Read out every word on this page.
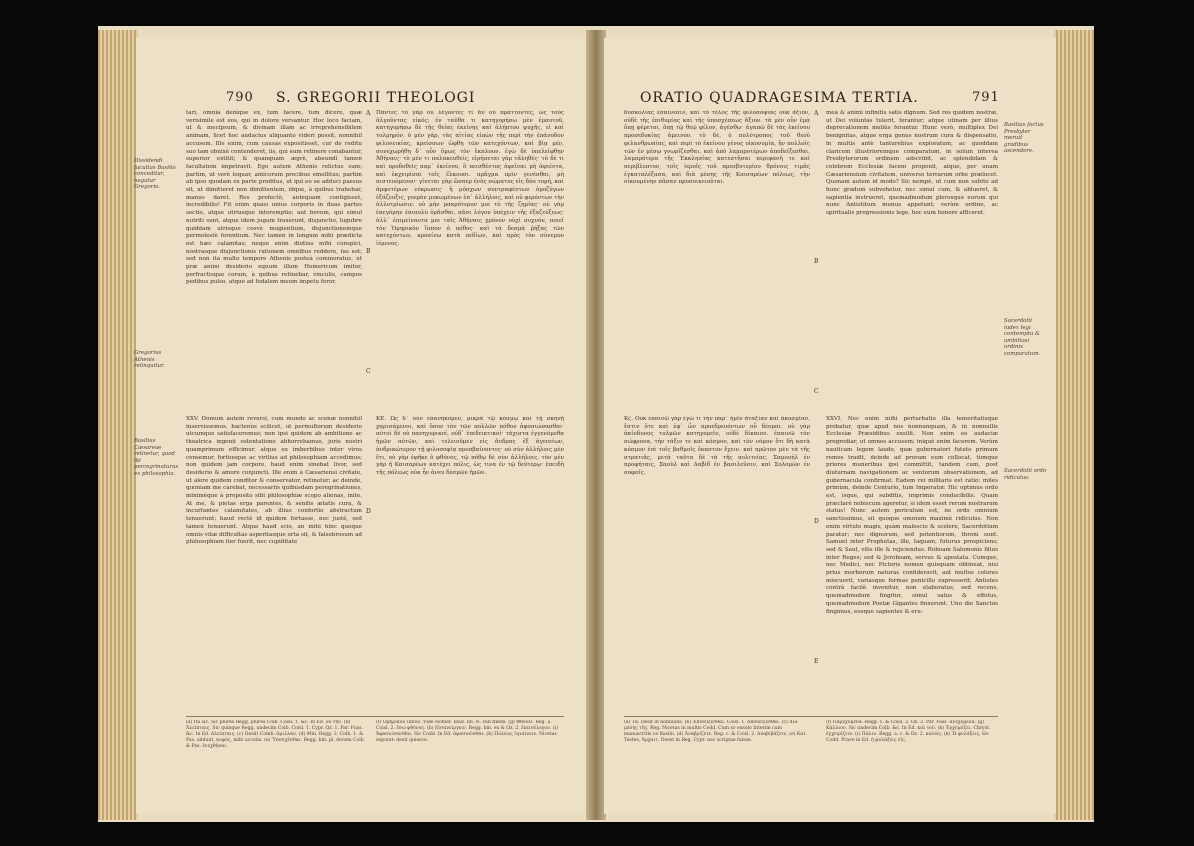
790 S. GREGORII THEOLOGI
Dissidendi facultas Basilio conceditur, negatur Gregorio.
Gregorius Athenis relinquitur.
Basilius Cæsareae retinetur, quod ibi percegrinaturus ex philosophia.

tari, omnia denique ex, tum facere, tum dicere, quæ verisimile est eos, qui in dolore versantur. Hoc loco faciam, ut & mecipsum, & divinam illam ac irreprehensibilem animam, licet hoc audacius aliquanto videri possit, nonnihil accusem. Ille enim, cum causas expositisset, cur de reditu suo tam obnixè contenderet, iis, qui eum retinere conabantur, superior extitit; & quanquam ægrè, abeundi tamen facultatem impetravit. Ego autem Athenis relictus sum; partim, ut verè loquar, amicorum precibus emollitus; partim ab ipso quodam ex parte proditus, ut qui eo se adduci passus sit, ut dimitteret non dimittentem, idque, à quibus trahebar, manus daret. Res profectò, antequam contigisset, incredibilis! Fit enim quasi unius corporis in duas partes sectio, atque utriusque interemptio; aut bovum, qui simul nutriti sunt, atque idem jugum traxerunt, disjunctio, lugubre quiddam utrisque cosvè mugientium, disjunctionemque permolestè ferentium. Nec tamen in longum mihi prædicta est hæc calamitas; neque enim diutius mihi conspici, nostrasque disjunctionis rationem omnibus reddere, fas est; sed non ita multo tempore Athenis posteà commoratus, ut præ animi desiderio equum illum Homericum imitor, perfractisque corum, à quibus retinebar, vinculis, campos pedibus pulso, atque ad fodalem meum impetu feror.

XXV. Domum autem reversi, cum mundo ac scenæ nonnihil inservissemus, hactenùs scilicet, ut permultorum desiderio utcumque satisfaceremus; non ipsi quidem ab ambitione ac theatrica ingenii ostentatione abhorrebamus, juris nostri quamprimum efficimur, atque ex imberbibus inter viros censemur, fortiusque ac virilius ad philosophiam accedimus; non quidem jam corpore, haud enim sinebat livor, sed desiderio & amore conjuncti. Ille enim à Cæsariensi civitate, ut alere quidem conditor & conservator, retinetur; ac deinde, quoniam me carebat, necessariis quibusdam peregrinationes, minimèque à proposito sibi philosophiæ scopo alienas, inite. At me, & pietas erga parentes, & senilis ætatis cura, & incurfantes calamitates, ab illius confortio abstractum tenuerunt; haud rectè id quidem fortasse, nec justè, sed tamen tenuerunt. Atque haud scio, an mihi hinc quoque omnis vitæ difficultas asperitasque orta sit, & falsebrosum ad philosophiam iter fuerit, nec cupiditate

A
B
C
D

Πάντες τὸ γὰρ οὐ λέγοντες τί ἄν οὐ πράττοντες, ὡς τοὺς ἀλγοῦντας εἰκός; ἐν ταῦθα τι κατηγορήσω μὲν ἐμαυτοῦ, κατηγορήσω δὲ τῆς θείας ἐκείνης καὶ ἀλήπτου ψυχῆς, εἰ καὶ τολμηρόν. ὁ μὲν γάρ, τὰς αἰτίας εἰπὼν τῆς περὶ τὴν ἐπάνοδον φιλονεικίας, κρείσσων ὤφθη τῶν κατεχόντων, καὶ βίᾳ μέν, συνεχωρήθη δ᾽ οὖν ὅμως τὸν ἔκπλουν. ἐγὼ δὲ ὑπελείφθην Ἀθήναις· τὸ μέν τι παλακευθεὶς, εἰρήσεται γὰρ τἀληθές· τὸ δέ τι καὶ προδοθεὶς παρ᾽ ἐκείνου, ὃ πεισθέντος ἀφεῖναι μὴ ἀφιέντα, καὶ ἑκχειρίσαι τοῖς ἕλκουσι. πρᾶγμα πρὶν γενέσθαι, μὴ πιστευόμενον· γίνεται γὰρ ὥσπερ ἑνὸς σώματος εἰς δύο τομή, καὶ ἀμφοτέρων νέκρωσις· ἢ μόσχων συντραφέντων ὁμοζύγων ἐξάζευξις, γοερὸν μυκωμένων ἐπ᾽ ἀλλήλοις, καὶ οὐ φερόντων τὴν ἀλλοτρίωσιν. οὐ μὴν μακρότερον μοι τὸ τῆς ζημίας· οὐ γὰρ ἐπεγόμην ἐπιπολὺ ὁρᾶσθαι, πᾶσι λόγον ὑπέχειν τῆς ἐξαζεύξεως· ἀλλ᾽ ἐπιμείναντα μοι ταῖς Ἀθήναις χρόνον οὐχὶ συχνόν, ποιεῖ τὸν Ὁμηρικὸν ἵππον ὁ πόθος· καὶ τὰ δεσμὰ ῥήξας τῶν κατεχόντων, κροαίνω κατὰ πεδίων, καὶ πρὸς τὸν σύνεμον ἱέμενος.

ΚΕ. Ὡς δ᾽ οὖν ἐπανήκομεν, μικρὰ τῷ κόσμῳ καὶ τῇ σκηνῇ χαρισάμενοι, καὶ ὅσον τὸν τῶν πολλῶν πόθον ἀφοσιώσασθαι· αὐτοὶ δὲ οὐ πανηγυρικοί, οὐδ᾽ ἐπιδεικτικοί· τάχιστα ἐγγενόμεθα ἡμῶν αὐτῶν, καὶ τελειοῦμεν εἰς ἄνδρας ἐξ ἀγενείων, ἀνδρικώτερον τῇ φιλοσοφίᾳ προσβαίνοντες· οὐ σὺν ἀλλήλοις μὲν ἔτι, οὐ γὰρ ἐφῆκε ὁ φθόνος, τῷ πόθῳ δὲ σὺν ἀλλήλοις. τὸν μὲν γὰρ ἡ Καισαρέων κατέχει πόλις, ὡς τινα ἐν τῷ δεύτερῳ· ἐπειδὴ τῆς πόλεως οὐκ ἦν ἀνευ δεσμῶν ἡμῶν.

(a) Ita sic. Sic plures Regg. plures Colb. Coisl. 1. &c. In Ed. οὐ τήν. (b) Ἀλείπταις. Sic quinque Regg. undecim Colb. Coisl. 1. Cypr. Oz. 1. Par. Fuss. &c. In Ed. ἀλείπταις. (c) Desiit Comb. ἁμιλλαν. (d) Min. Regg. 2. Colb. 1. & Pas. addunt, κυφός, mibi acculis. (e) Ὑποσχέσθαι. Regg. bin. pl. decem Colb. & Pas. ἐνεχθῆναι.
(f) Ὁμηρικόν ἵππον. Vide Homer. Iliad. lib. vi. sub finem. (g) Φθονεῖ. Reg. a. Coisl. 2. ἔσω φθόνος. (h) Εἰσανείργειν. Regg. bin. ex & Oz. 2. ἐπεισέλεγον. (i) Ἀφοσιώσασθαι. Sic Codd. In Ed. ἀφοσιοῦσθαι. (k) Πόλεως ὑγιαίνειν. Nicetas exponit: desit quiesce.
ORATIO QUADRAGESIMA TERTIA.	791

δυσκολίας ἐσαίνεσιν, καὶ τὸ τέλος τῆς φιλοσοφίας οὐκ ἀξιόν, οὐδὲ τῆς ἐπιθυμίας καὶ τῆς ὑποσχέσεως ἄξιον. τὰ μὲν οὖν ἐμὰ ὅπῃ φέρεται, ὅπῃ τῷ θεῷ φίλον, ἀγέσθω· ἀγαπῶ δὲ τὰς ἐκείνου προσεδοκίας ἀμεινον. τὸ δὲ, ὁ πολύτροπος τοῦ θεοῦ φιλανθρωπίας, καὶ περὶ τὸ ἐκείνου γένος οἰκονομία, ἣν πολλοῖς τῶν ἐν μέσῳ γνωρίζεσθαι, καὶ ἀπὸ λαμπροτέρων ἀποδείξεσθαι, λαμπρότερα τῆς Ἐκκλησίας κατεστῆσαι περιφανῆ τε καὶ περιβλεπτον, τοῖς ἱεροῖς τοῦ πρεσβυτερίου θρόνοις τιμᾶς ἐγκαταλέξασα, καὶ διὰ μέσης τῆς Καισαρέων πόλεως, τὴν οἰκουμένην πᾶσαν προσοικειοῦται.

Κϛ. Οὐκ ἐπαινῶ γὰρ ἐγώ τι τὴν παρ᾽ ἡμῖν ἀταξίαν καὶ ἀκοσμίαν, ἔστιν ὅτε καὶ ἐφ᾽ ὧν προεδρευόντων οὗ δέομαι. οὐ γὰρ ἀκίνδυνος τολμῶν κατηγορεῖν, οὐδὲ δίκαιον. ἐπαινῶ τὸν σώφρονα, τὴν τάξιν τε καὶ κόσμον, καὶ τὸν νόμον ὅτι δὴ κατὰ κόσμον ἐπὶ τοῖς βαθμοῖς ἕκαστον ἔχειν. καὶ πρῶτον μὲν τὰ τῆς στρατιᾶς, μετὰ ταῦτα δὲ τὰ τῆς πολιτείας. Σαμουὴλ ἐν προφήταις, Σαοὺλ καὶ Δαβὶδ ἐν βασιλεῦσιν, καὶ Σολομῶν ἐν σοφοῖς.

A
B
C
D
E

meâ & animi infinitis satis dignum. Sed res quidem nostræ, ut Dei voluntas tulerit, ferantur; atque utinam per illius deprecationem meliùs ferantur. Hunc verò, multiplex Dei benignitas, atque erga genus nostrum cura & dispensatio, in multis antè tanturebius exploratum, ac quoddam claricem illustrioremque comparatum, in solum interea Presbyterorum ordinem adscribit, ac splendidam & celebrem Ecclesiæ facem proponit, atque, per unam Cæsariensium civitatem, universo terrarum orbe prælucet. Quonam autem id modo? Sic nempè, ut cum non subito ad hunc gradum subvehetur, nec simul cum, & ablueret, & sapientia instrueret, quemadmodum plerosque eorum qui nunc Antistitum munus appetunt; verùm ordine, ac spiritualis progressionis lege, hoc eum honore afficeret.

XXVI. Nec enim mihi perturbatio illa temeritatisque probatur, quæ apud nos nonnunquam, & in nonnullis Ecclesiæ Præsidibus exsilit. Non enim eo audaciæ progrediar, ut omnes accusem; iniquè enim facerem. Verùm nauticam legem laudo, quæ gubernatori fututo primum remos tradit, deinde ad proram eum collocat, tùmque priores muneribus ipsi committit, tandem cum, post diuturnam navigationem ac ventorum observationem, ad gubernacula confirmat. Eadem rei militaris est ratio: miles primùm, deinde Centurio, tum Imperator. Hic optimus ordo est, isque, qui subditis, imprimis conducibilis. Quam præclarè nobiscum ageretur, si idem esset rerum nostrarum status! Nunc autem periculum est, ne ordo omnium sanctissimus, sit quoque omnium maximè ridiculus. Non enim virtute magis, quàm malescio & scelere, Sacerdotium paratur; nec dignorum, sed potentiorum, throni sunt. Samuel inter Prophetas, ille, Iaquam, futurus prospiciens; sed & Saul, vilis ille & rejiciendus. Roboam Salomonis filius inter Reges; sed & Jeroboam, servus & apostata. Cumque, nec Medici, nec Pictoris nomen quisquam obtineat, nisi prius morborum naturas confideravit, aut multos colores miscuerit, variasque formas penicillo expresserit; Antistes contrà facilè invenitur, non elaboratus, sed recens, quemadmodum fingitur, simul satus & effotus, quemadmodum Poetæ Gigantes finxerunt. Uno die Sanctos fingimus, eosque sapientes & eru-

Basilius factus Presbyter meruit gradibus ascendere.
Sacerdotii iudex legi contemptu & ambitiosi ordinis comparatum.
Sacerdotii ordo ridiculus.
(a) Τὰ. Desit in nonnullis. (b) Ἐπιδείξεσθαι. Coisl. 1. ἀποδείξεσθαι. (c) Διὰ μέσης τῆς. Reg. Nicetas in multis Codd. Cum εν exsolo Interim cum manuscritis ce Basilii. (d) Ἀναβρίζετε. Reg. c. & Coisl. 2. ἀναβιβάζετε. (e) Καί. Testes, Ἀρχαιτ. Deest in Reg. Cypr. nec scriptae fuisse.
(f) Παρεχόμενα. Regg. c. & Coisl. 2. Oz. 2. Par. Fass. ἀνεχόμενα. (g) Κάλλιον. Sic undecim Colb. &c. In Ed. καὶ τοῦ. (h) Ἐγχειρίζει. Chryst. ἐγχειρίζειν. (i) Πάλιν. Regg. a. c. & Oz. 2. καλῶς. (k) Ἡ φυλάξεις. Sic Codd. Prave in Ed. ἡ φυλάξεις εἰς.
